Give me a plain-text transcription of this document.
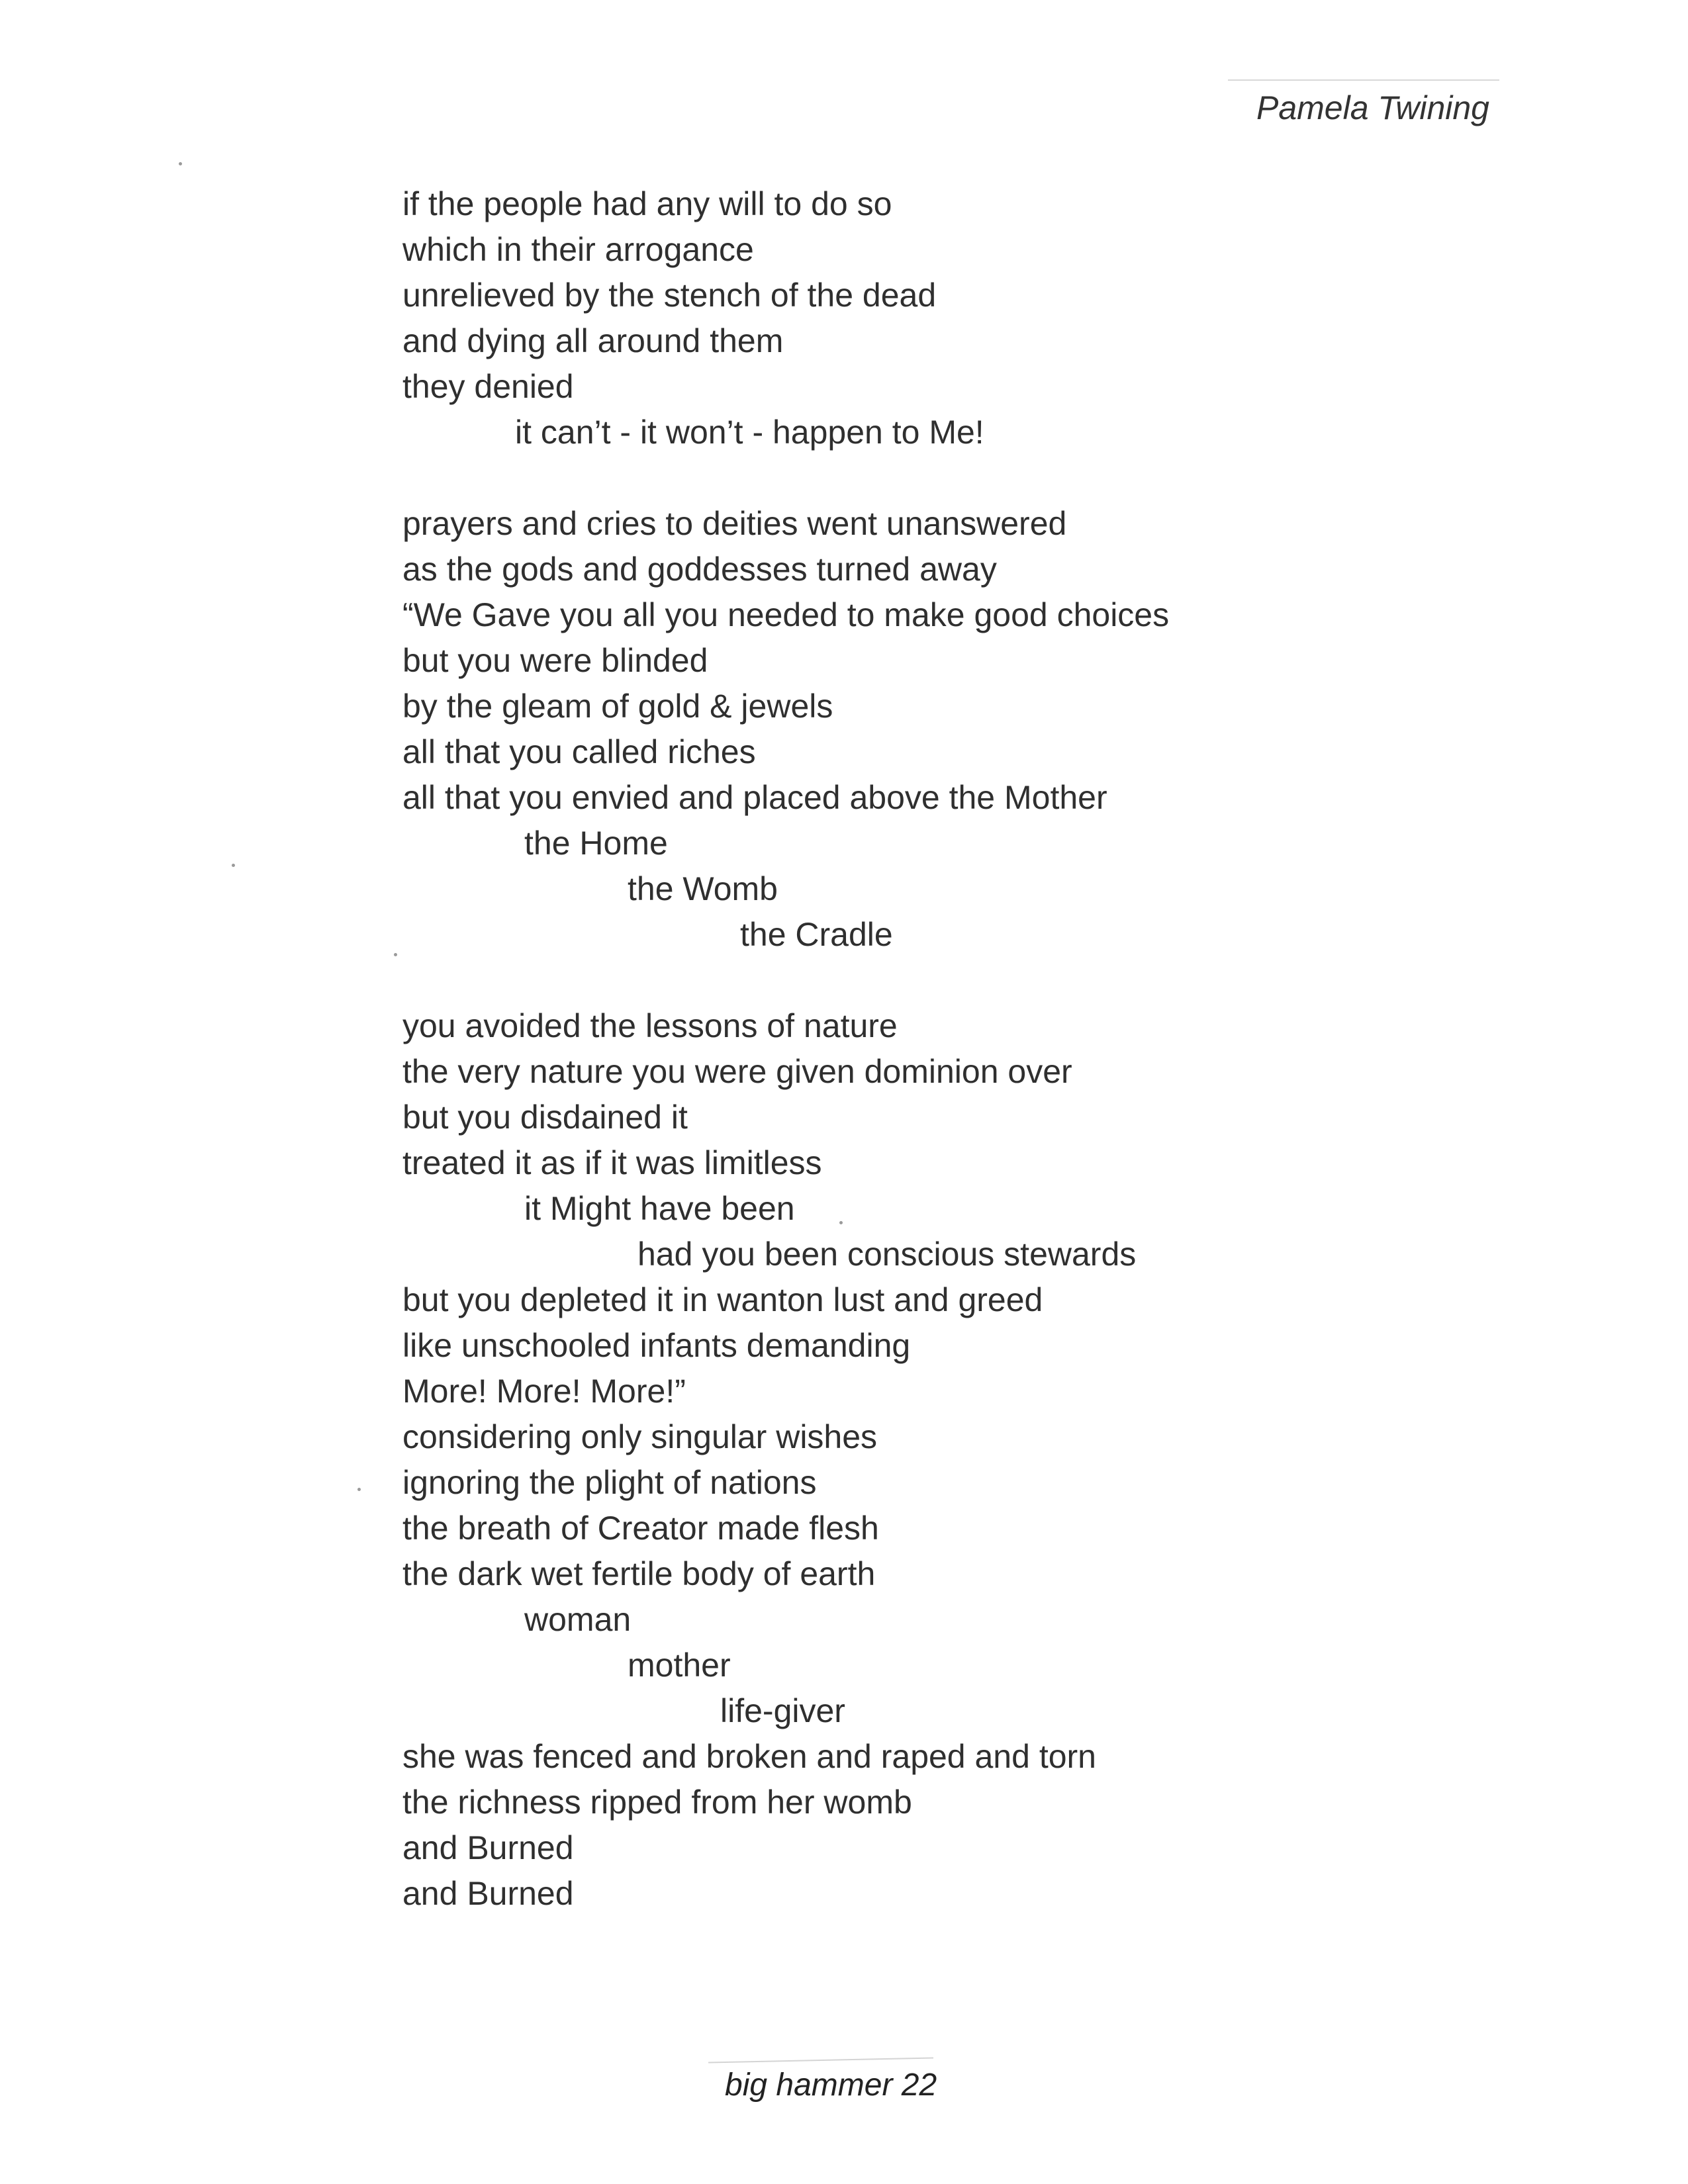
Pamela Twining
if the people had any will to do so
which in their arrogance
unrelieved by the stench of the dead
and dying all around them
they denied
it can’t - it won’t - happen to Me!
prayers and cries to deities went unanswered
as the gods and goddesses turned away
“We Gave you all you needed to make good choices
but you were blinded
by the gleam of gold & jewels
all that you called riches
all that you envied and placed above the Mother
the Home
the Womb
the Cradle
you avoided the lessons of nature
the very nature you were given dominion over
but you disdained it
treated it as if it was limitless
it Might have been
had you been conscious stewards
but you depleted it in wanton lust and greed
like unschooled infants demanding
More! More! More!”
considering only singular wishes
ignoring the plight of nations
the breath of Creator made flesh
the dark wet fertile body of earth
woman
mother
life-giver
she was fenced and broken and raped and torn
the richness ripped from her womb
and Burned
and Burned
big hammer 22
